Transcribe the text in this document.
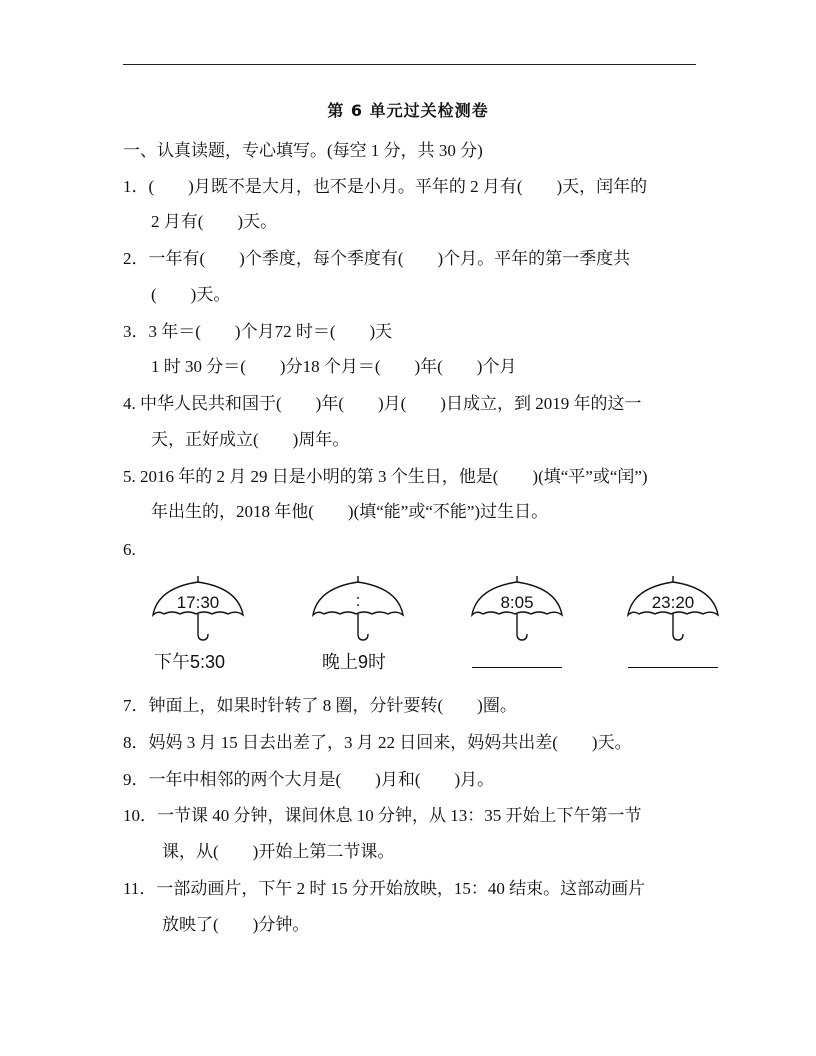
第 6 单元过关检测卷
一、认真读题，专心填写。(每空 1 分，共 30 分)
1．(　　)月既不是大月，也不是小月。平年的 2 月有(　　)天，闰年的
2 月有(　　)天。
2．一年有(　　)个季度，每个季度有(　　)个月。平年的第一季度共
(　　)天。
3．3 年＝(　　)个月72 时＝(　　)天
1 时 30 分＝(　　)分18 个月＝(　　)年(　　)个月
4. 中华人民共和国于(　　)年(　　)月(　　)日成立，到 2019 年的这一
天，正好成立(　　)周年。
5. 2016 年的 2 月 29 日是小明的第 3 个生日，他是(　　)(填“平”或“闰”)
年出生的，2018 年他(　　)(填“能”或“不能”)过生日。
6.
17:30	:	8:05	23:20
下午5:30	晚上9时
7．钟面上，如果时针转了 8 圈，分针要转(　　)圈。
8．妈妈 3 月 15 日去出差了，3 月 22 日回来，妈妈共出差(　　)天。
9．一年中相邻的两个大月是(　　)月和(　　)月。
10．一节课 40 分钟，课间休息 10 分钟，从 13：35 开始上下午第一节
课，从(　　)开始上第二节课。
11．一部动画片，下午 2 时 15 分开始放映，15：40 结束。这部动画片
放映了(　　)分钟。
